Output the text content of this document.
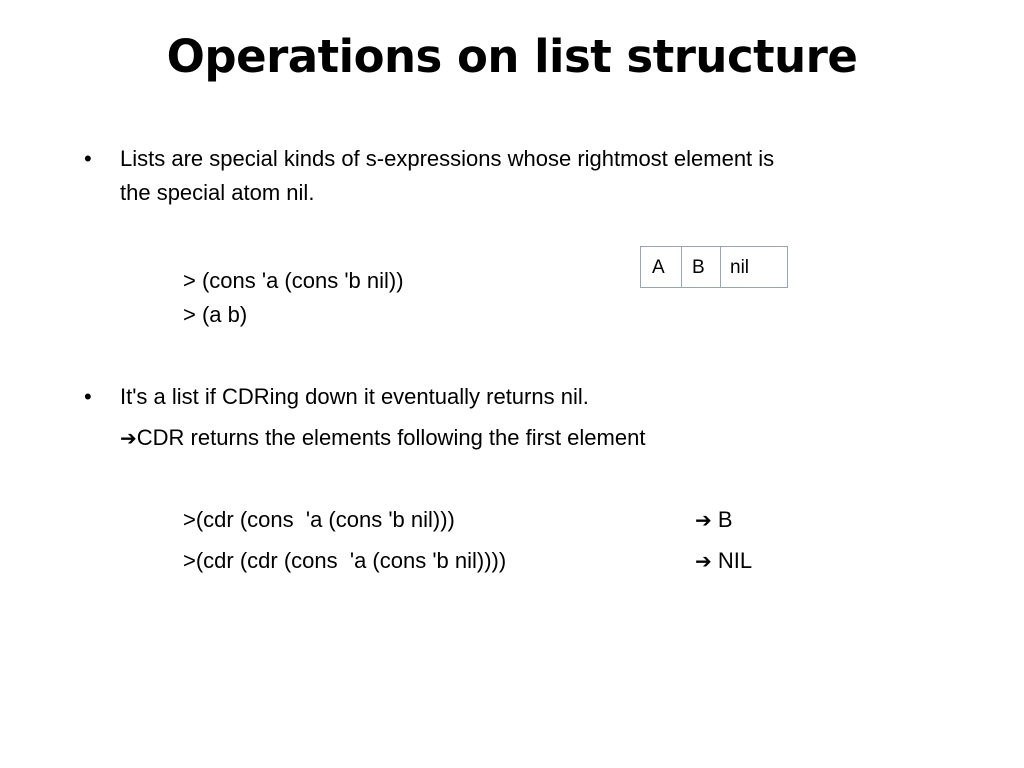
Operations on list structure
• Lists are special kinds of s-expressions whose rightmost element is
the special atom nil.
> (cons 'a (cons 'b nil))
> (a b)
A	B	nil
• It's a list if CDRing down it eventually returns nil.
➔CDR returns the elements following the first element
>(cdr (cons  'a (cons 'b nil)))	➔ B
>(cdr (cdr (cons  'a (cons 'b nil))))	➔ NIL
